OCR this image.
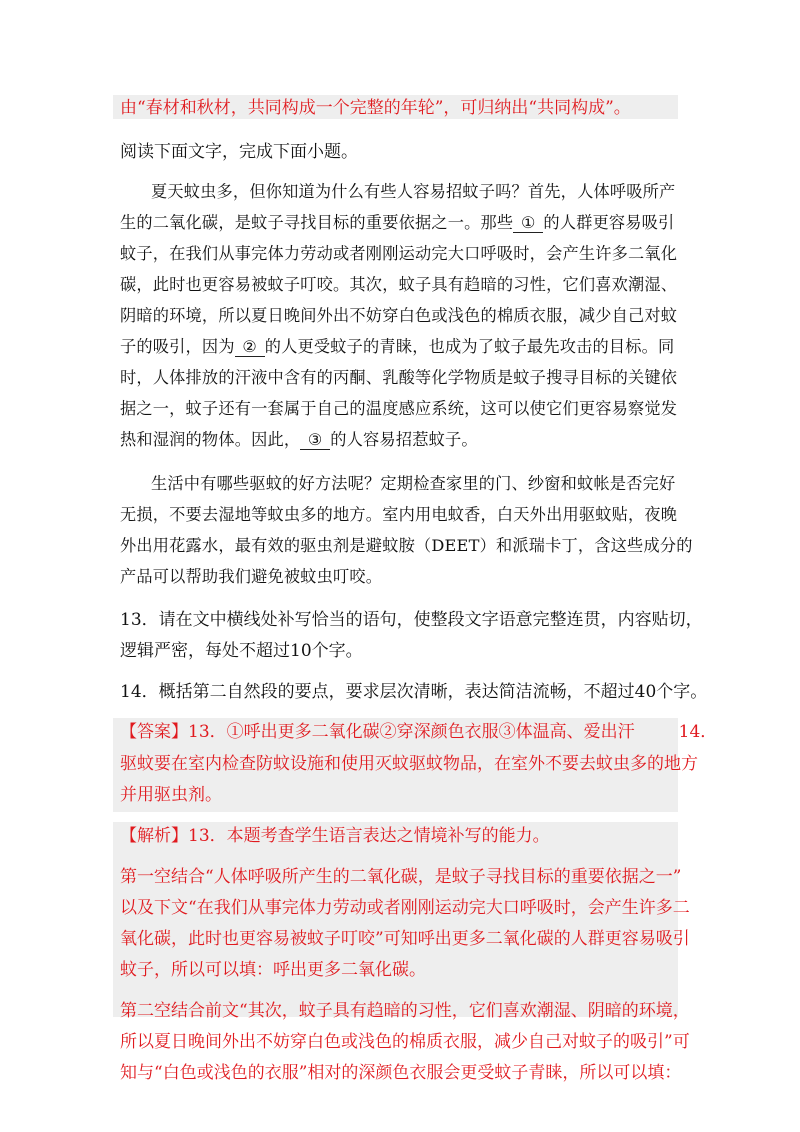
由“春材和秋材，共同构成一个完整的年轮”，可归纳出“共同构成”。
阅读下面文字，完成下面小题。
夏天蚊虫多，但你知道为什么有些人容易招蚊子吗？首先，人体呼吸所产
生的二氧化碳，是蚊子寻找目标的重要依据之一。那些 ① 的人群更容易吸引
蚊子，在我们从事完体力劳动或者刚刚运动完大口呼吸时，会产生许多二氧化
碳，此时也更容易被蚊子叮咬。其次，蚊子具有趋暗的习性，它们喜欢潮湿、
阴暗的环境，所以夏日晚间外出不妨穿白色或浅色的棉质衣服，减少自己对蚊
子的吸引，因为 ② 的人更受蚊子的青睐，也成为了蚊子最先攻击的目标。同
时，人体排放的汗液中含有的丙酮、乳酸等化学物质是蚊子搜寻目标的关键依
据之一，蚊子还有一套属于自己的温度感应系统，这可以使它们更容易察觉发
热和湿润的物体。因此， ③ 的人容易招惹蚊子。
生活中有哪些驱蚊的好方法呢？定期检查家里的门、纱窗和蚊帐是否完好
无损，不要去湿地等蚊虫多的地方。室内用电蚊香，白天外出用驱蚊贴，夜晚
外出用花露水，最有效的驱虫剂是避蚊胺（DEET）和派瑞卡丁，含这些成分的
产品可以帮助我们避免被蚊虫叮咬。
13．请在文中横线处补写恰当的语句，使整段文字语意完整连贯，内容贴切，
逻辑严密，每处不超过10个字。
14．概括第二自然段的要点，要求层次清晰，表达简洁流畅，不超过40个字。
【答案】13．①呼出更多二氧化碳②穿深颜色衣服③体温高、爱出汗	14．
驱蚊要在室内检查防蚊设施和使用灭蚊驱蚊物品，在室外不要去蚊虫多的地方
并用驱虫剂。
【解析】13．本题考查学生语言表达之情境补写的能力。
第一空结合“人体呼吸所产生的二氧化碳，是蚊子寻找目标的重要依据之一”
以及下文“在我们从事完体力劳动或者刚刚运动完大口呼吸时，会产生许多二
氧化碳，此时也更容易被蚊子叮咬”可知呼出更多二氧化碳的人群更容易吸引
蚊子，所以可以填：呼出更多二氧化碳。
第二空结合前文“其次，蚊子具有趋暗的习性，它们喜欢潮湿、阴暗的环境，
所以夏日晚间外出不妨穿白色或浅色的棉质衣服，减少自己对蚊子的吸引”可
知与“白色或浅色的衣服”相对的深颜色衣服会更受蚊子青睐，所以可以填：
